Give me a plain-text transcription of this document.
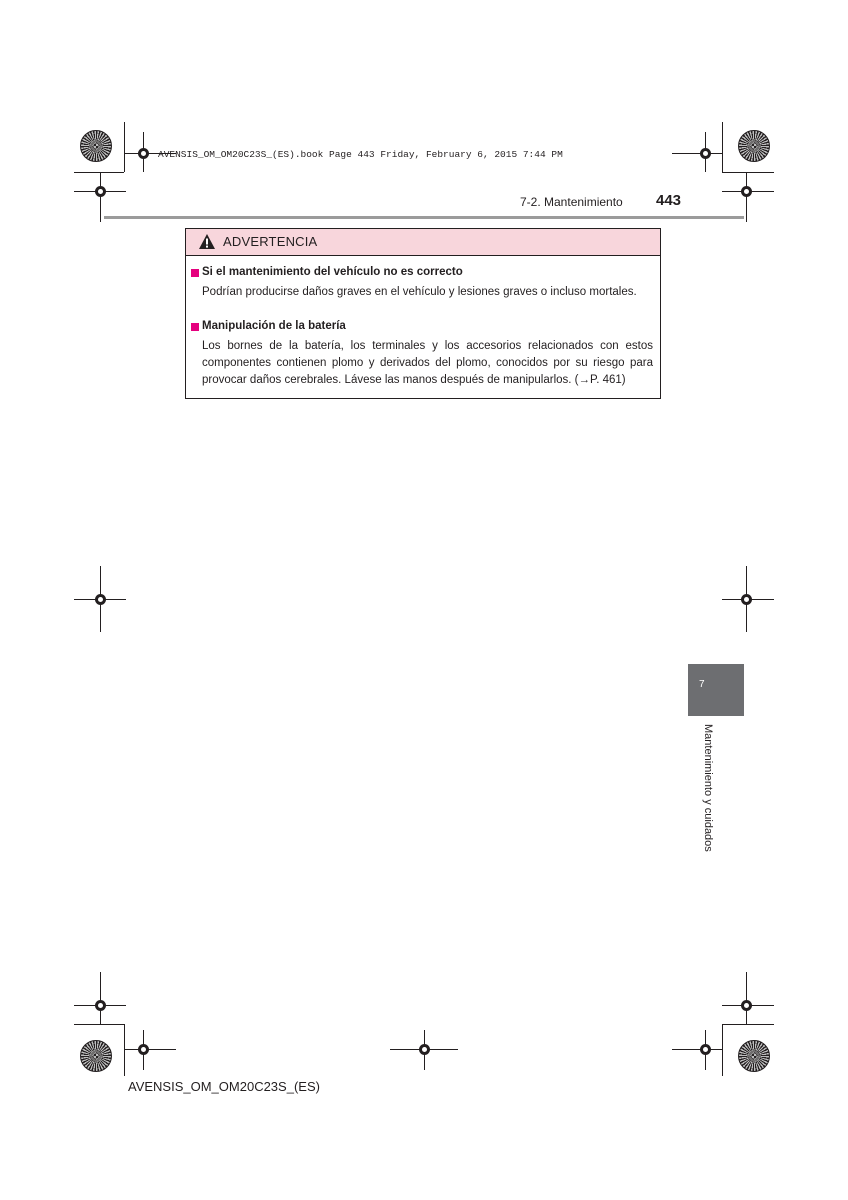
AVENSIS_OM_OM20C23S_(ES).book Page 443 Friday, February 6, 2015 7:44 PM
7-2. Mantenimiento 443
ADVERTENCIA
Si el mantenimiento del vehículo no es correcto
Podrían producirse daños graves en el vehículo y lesiones graves o incluso mortales.
Manipulación de la batería
Los bornes de la batería, los terminales y los accesorios relacionados con estos componentes contienen plomo y derivados del plomo, conocidos por su riesgo para provocar daños cerebrales. Lávese las manos después de manipularlos. (→P. 461)
7
Mantenimiento y cuidados
AVENSIS_OM_OM20C23S_(ES)
